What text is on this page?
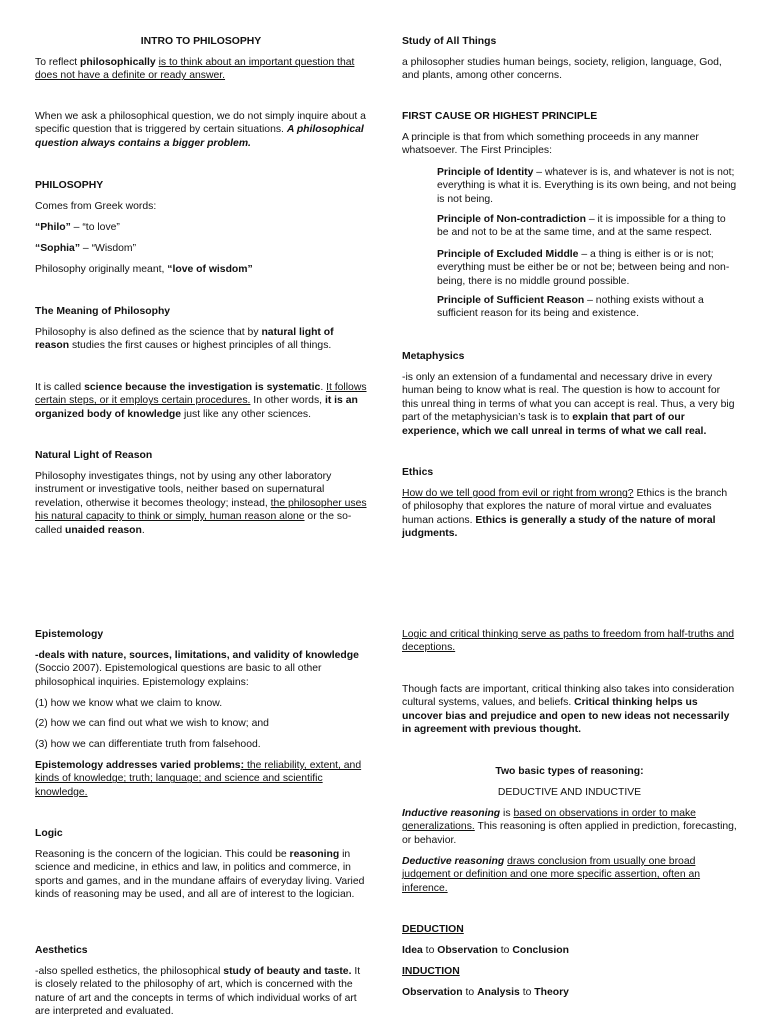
INTRO TO PHILOSOPHY

To reflect philosophically is to think about an important question that does not have a definite or ready answer.

When we ask a philosophical question, we do not simply inquire about a specific question that is triggered by certain situations. A philosophical question always contains a bigger problem.

PHILOSOPHY

Comes from Greek words:

“Philo” – “to love”

“Sophia” – “Wisdom”

Philosophy originally meant, “love of wisdom”

The Meaning of Philosophy

Philosophy is also defined as the science that by natural light of reason studies the first causes or highest principles of all things.

It is called science because the investigation is systematic. It follows certain steps, or it employs certain procedures. In other words, it is an organized body of knowledge just like any other sciences.

Natural Light of Reason

Philosophy investigates things, not by using any other laboratory instrument or investigative tools, neither based on supernatural revelation, otherwise it becomes theology; instead, the philosopher uses his natural capacity to think or simply, human reason alone or the so-called unaided reason.

Study of All Things

a philosopher studies human beings, society, religion, language, God, and plants, among other concerns.

FIRST CAUSE OR HIGHEST PRINCIPLE

A principle is that from which something proceeds in any manner whatsoever. The First Principles:

Principle of Identity – whatever is is, and whatever is not is not; everything is what it is. Everything is its own being, and not being is not being.

Principle of Non-contradiction – it is impossible for a thing to be and not to be at the same time, and at the same respect.

Principle of Excluded Middle – a thing is either is or is not; everything must be either be or not be; between being and non-being, there is no middle ground possible.

Principle of Sufficient Reason – nothing exists without a sufficient reason for its being and existence.

Metaphysics

-is only an extension of a fundamental and necessary drive in every human being to know what is real. The question is how to account for this unreal thing in terms of what you can accept is real. Thus, a very big part of the metaphysician’s task is to explain that part of our experience, which we call unreal in terms of what we call real.

Ethics

How do we tell good from evil or right from wrong? Ethics is the branch of philosophy that explores the nature of moral virtue and evaluates human actions. Ethics is generally a study of the nature of moral judgments.

Epistemology

-deals with nature, sources, limitations, and validity of knowledge (Soccio 2007). Epistemological questions are basic to all other philosophical inquiries. Epistemology explains:

(1) how we know what we claim to know.

(2) how we can find out what we wish to know; and

(3) how we can differentiate truth from falsehood.

Epistemology addresses varied problems: the reliability, extent, and kinds of knowledge; truth; language; and science and scientific knowledge.

Logic

Reasoning is the concern of the logician. This could be reasoning in science and medicine, in ethics and law, in politics and commerce, in sports and games, and in the mundane affairs of everyday living. Varied kinds of reasoning may be used, and all are of interest to the logician.

Aesthetics

-also spelled esthetics, the philosophical study of beauty and taste. It is closely related to the philosophy of art, which is concerned with the nature of art and the concepts in terms of which individual works of art are interpreted and evaluated.

Logic and critical thinking serve as paths to freedom from half-truths and deceptions.

Though facts are important, critical thinking also takes into consideration cultural systems, values, and beliefs. Critical thinking helps us uncover bias and prejudice and open to new ideas not necessarily in agreement with previous thought.

Two basic types of reasoning:
DEDUCTIVE AND INDUCTIVE

Inductive reasoning is based on observations in order to make generalizations. This reasoning is often applied in prediction, forecasting, or behavior.

Deductive reasoning draws conclusion from usually one broad judgement or definition and one more specific assertion, often an inference.

DEDUCTION

Idea to Observation to Conclusion

INDUCTION

Observation to Analysis to Theory
